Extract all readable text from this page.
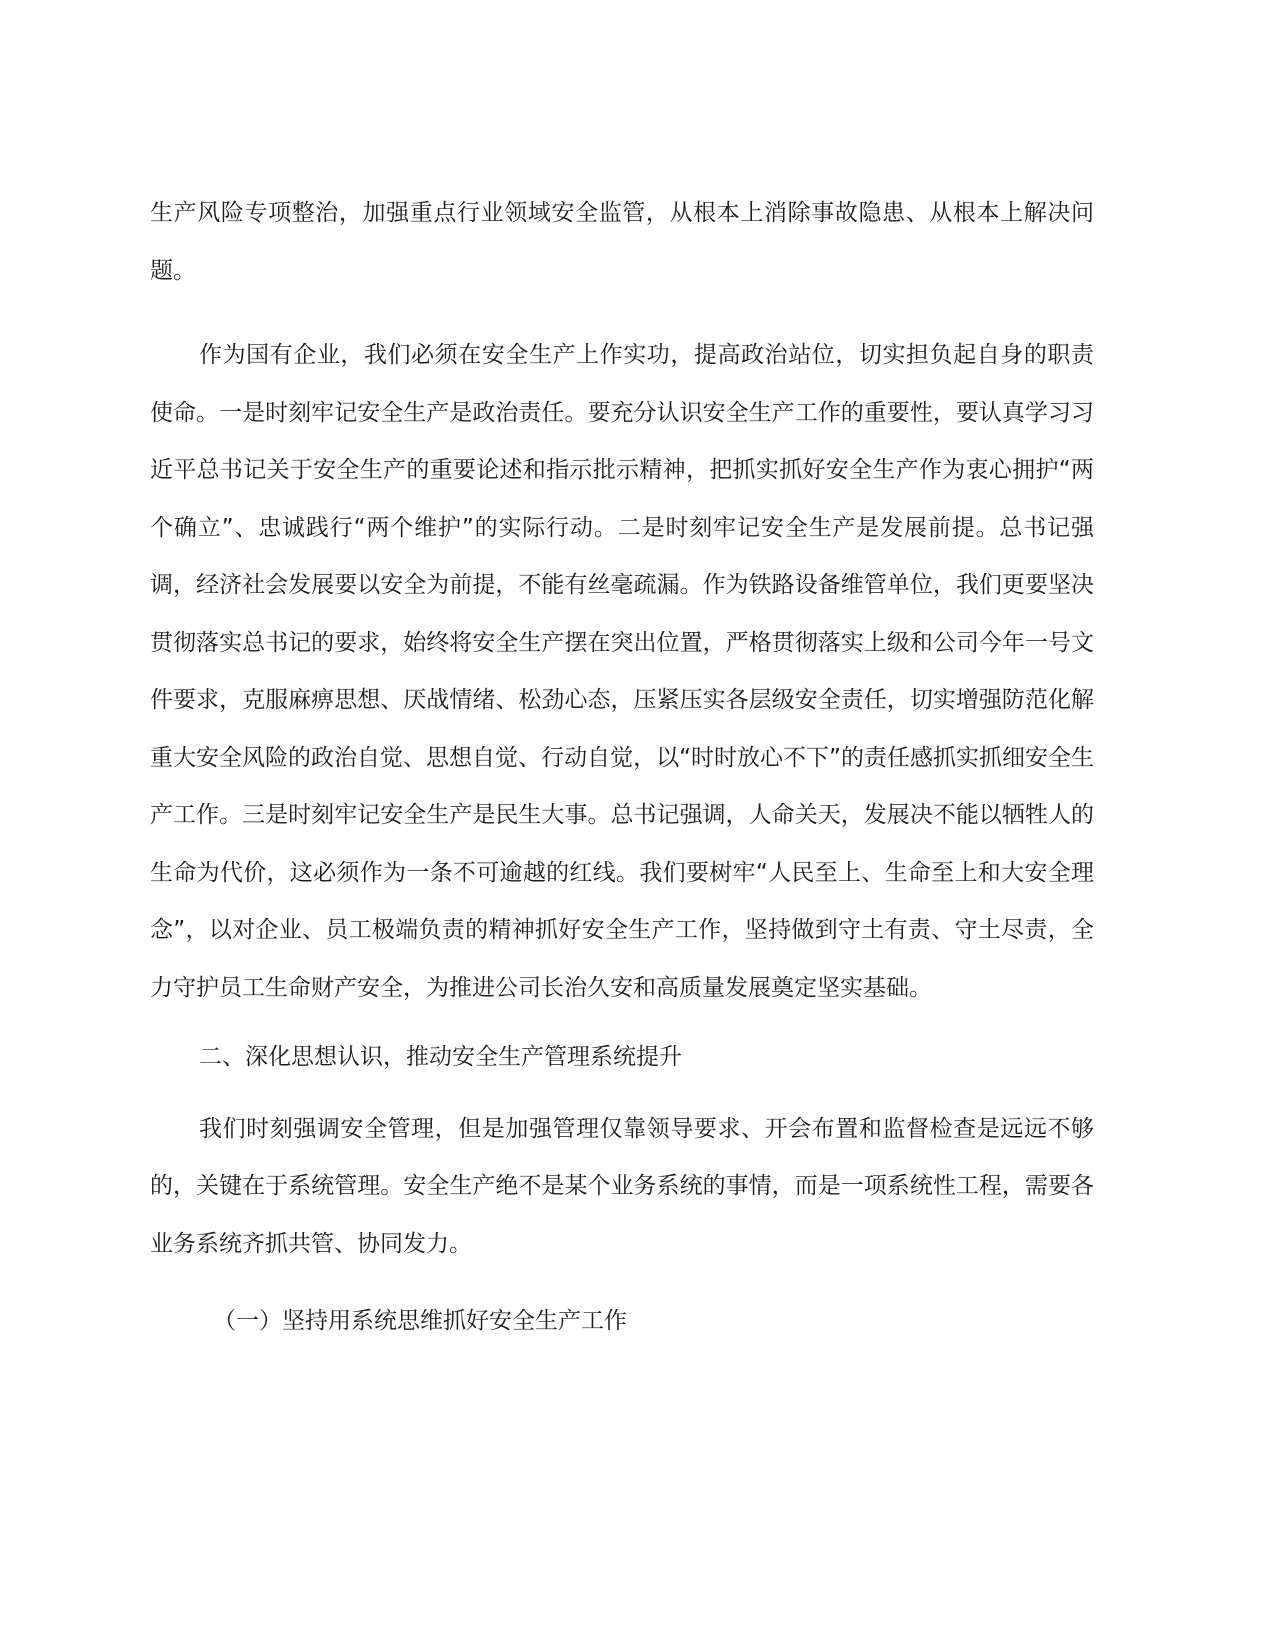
生产风险专项整治，加强重点行业领域安全监管，从根本上消除事故隐患、从根本上解决问题。

作为国有企业，我们必须在安全生产上作实功，提高政治站位，切实担负起自身的职责使命。一是时刻牢记安全生产是政治责任。要充分认识安全生产工作的重要性，要认真学习习近平总书记关于安全生产的重要论述和指示批示精神，把抓实抓好安全生产作为衷心拥护“两个确立”、忠诚践行“两个维护”的实际行动。二是时刻牢记安全生产是发展前提。总书记强调，经济社会发展要以安全为前提，不能有丝毫疏漏。作为铁路设备维管单位，我们更要坚决贯彻落实总书记的要求，始终将安全生产摆在突出位置，严格贯彻落实上级和公司今年一号文件要求，克服麻痹思想、厌战情绪、松劲心态，压紧压实各层级安全责任，切实增强防范化解重大安全风险的政治自觉、思想自觉、行动自觉，以“时时放心不下”的责任感抓实抓细安全生产工作。三是时刻牢记安全生产是民生大事。总书记强调，人命关天，发展决不能以牺牲人的生命为代价，这必须作为一条不可逾越的红线。我们要树牢“人民至上、生命至上和大安全理念”，以对企业、员工极端负责的精神抓好安全生产工作，坚持做到守土有责、守土尽责，全力守护员工生命财产安全，为推进公司长治久安和高质量发展奠定坚实基础。

二、深化思想认识，推动安全生产管理系统提升

我们时刻强调安全管理，但是加强管理仅靠领导要求、开会布置和监督检查是远远不够的，关键在于系统管理。安全生产绝不是某个业务系统的事情，而是一项系统性工程，需要各业务系统齐抓共管、协同发力。

（一）坚持用系统思维抓好安全生产工作
